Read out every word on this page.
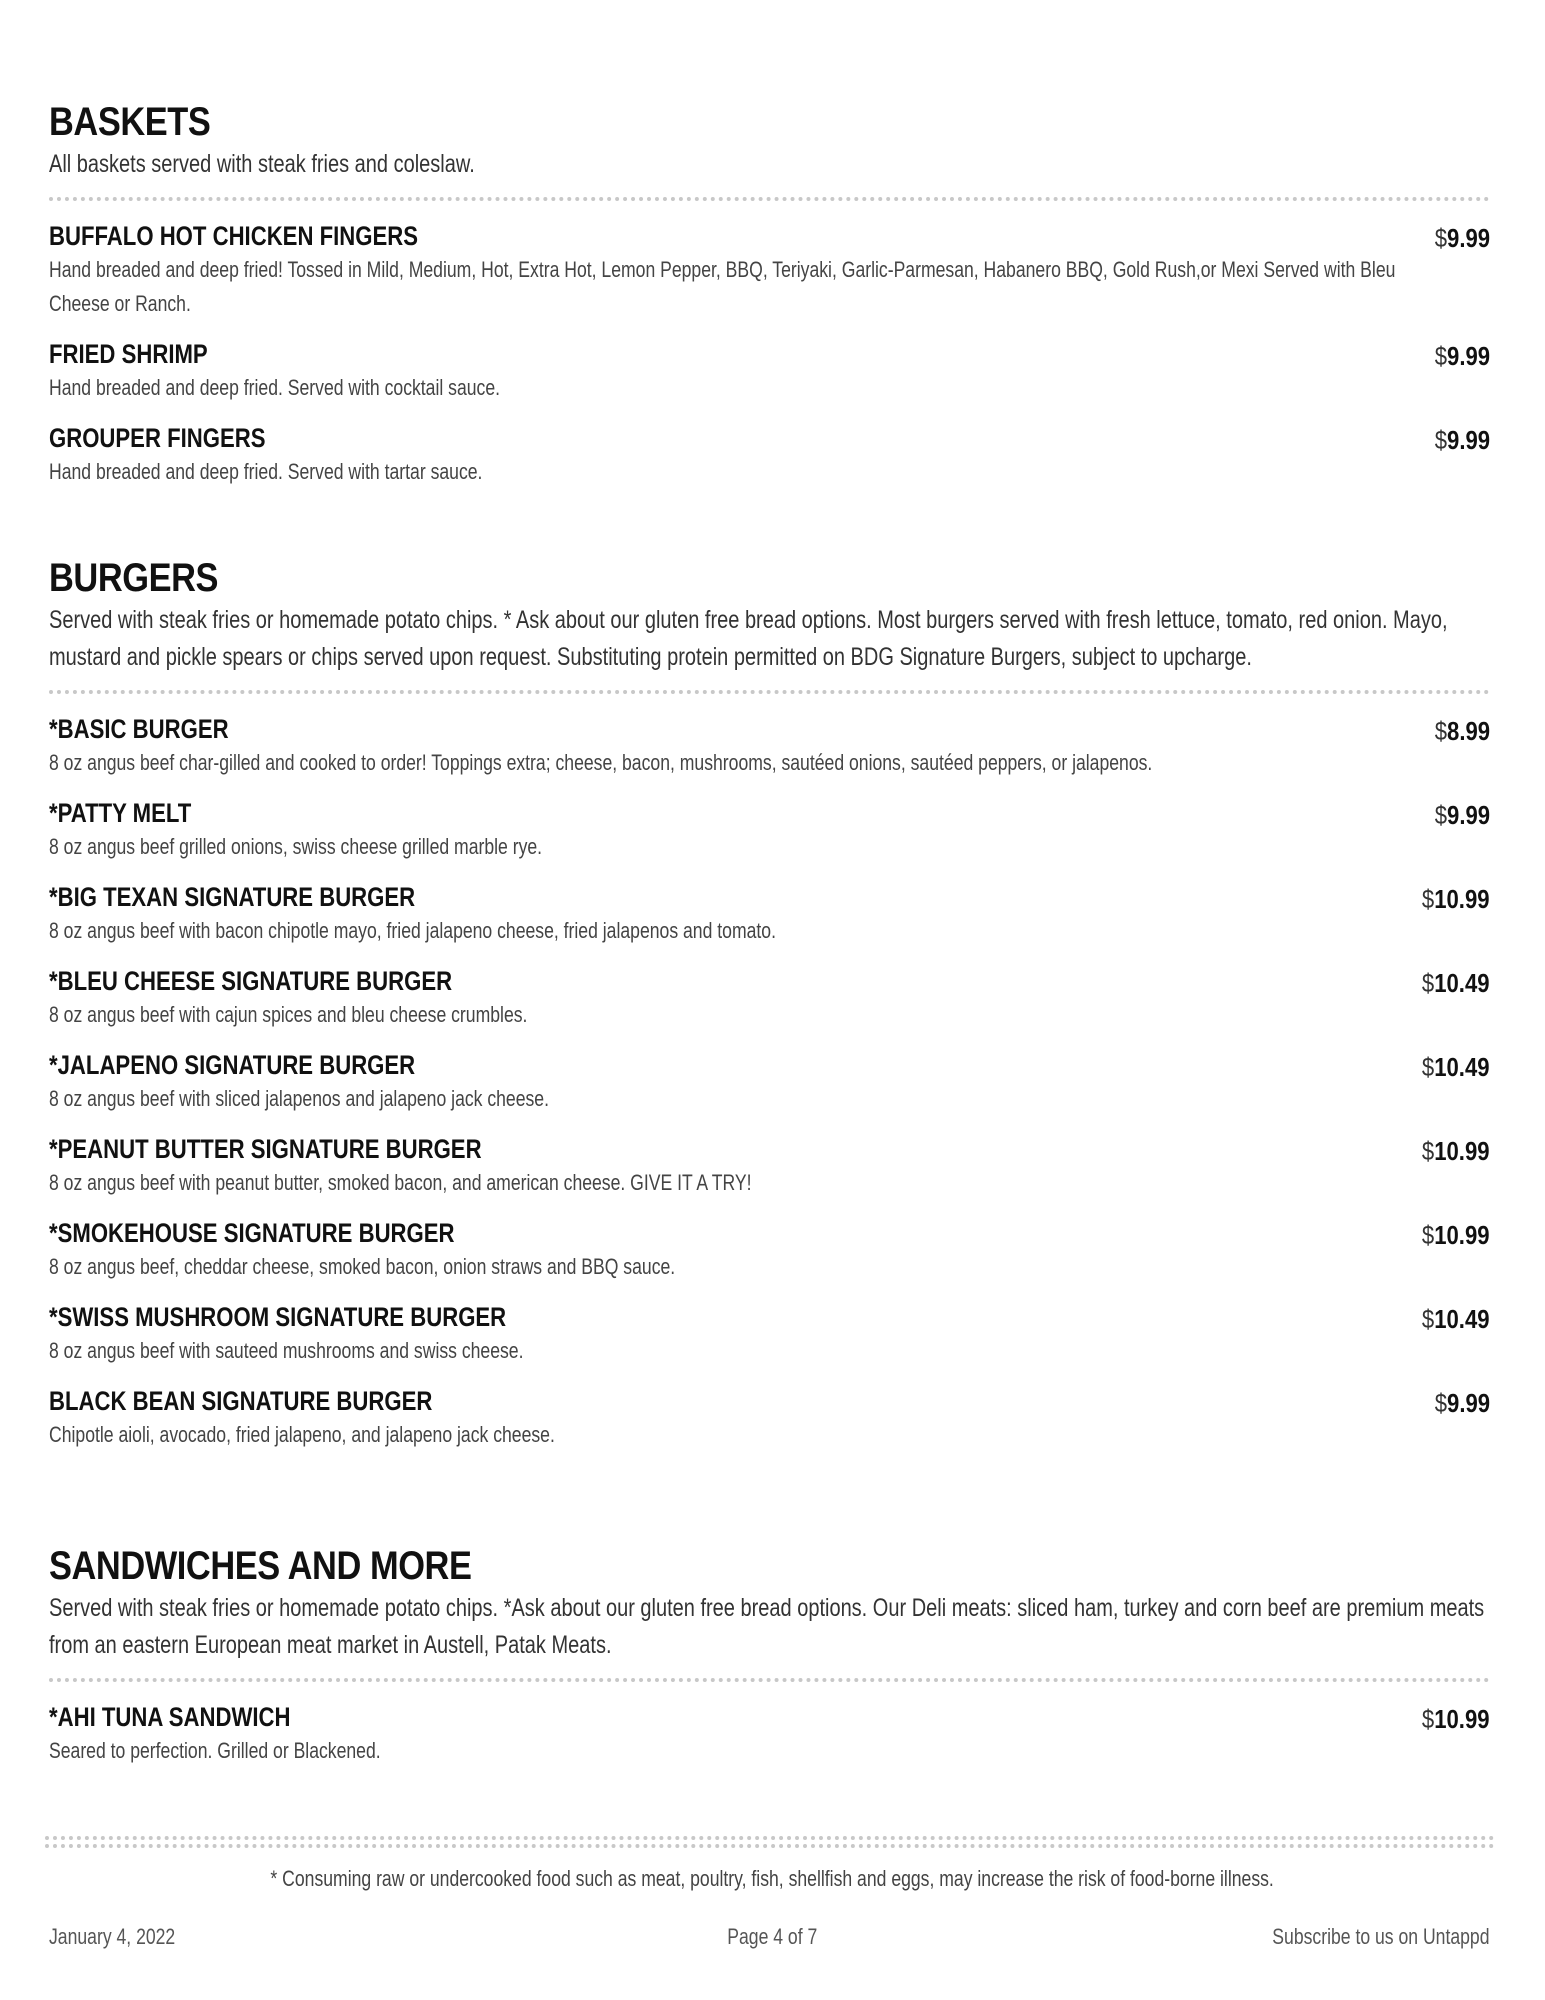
BASKETS
All baskets served with steak fries and coleslaw.
BUFFALO HOT CHICKEN FINGERS
Hand breaded and deep fried! Tossed in Mild, Medium, Hot, Extra Hot, Lemon Pepper, BBQ, Teriyaki, Garlic-Parmesan, Habanero BBQ, Gold Rush,or Mexi Served with Bleu Cheese or Ranch.
$9.99
FRIED SHRIMP
Hand breaded and deep fried. Served with cocktail sauce.
$9.99
GROUPER FINGERS
Hand breaded and deep fried. Served with tartar sauce.
$9.99
BURGERS
Served with steak fries or homemade potato chips. * Ask about our gluten free bread options. Most burgers served with fresh lettuce, tomato, red onion. Mayo, mustard and pickle spears or chips served upon request. Substituting protein permitted on BDG Signature Burgers, subject to upcharge.
*BASIC BURGER
8 oz angus beef char-gilled and cooked to order! Toppings extra; cheese, bacon, mushrooms, sautéed onions, sautéed peppers, or jalapenos.
$8.99
*PATTY MELT
8 oz angus beef grilled onions, swiss cheese grilled marble rye.
$9.99
*BIG TEXAN SIGNATURE BURGER
8 oz angus beef with bacon chipotle mayo, fried jalapeno cheese, fried jalapenos and tomato.
$10.99
*BLEU CHEESE SIGNATURE BURGER
8 oz angus beef with cajun spices and bleu cheese crumbles.
$10.49
*JALAPENO SIGNATURE BURGER
8 oz angus beef with sliced jalapenos and jalapeno jack cheese.
$10.49
*PEANUT BUTTER SIGNATURE BURGER
8 oz angus beef with peanut butter, smoked bacon, and american cheese. GIVE IT A TRY!
$10.99
*SMOKEHOUSE SIGNATURE BURGER
8 oz angus beef, cheddar cheese, smoked bacon, onion straws and BBQ sauce.
$10.99
*SWISS MUSHROOM SIGNATURE BURGER
8 oz angus beef with sauteed mushrooms and swiss cheese.
$10.49
BLACK BEAN SIGNATURE BURGER
Chipotle aioli, avocado, fried jalapeno, and jalapeno jack cheese.
$9.99
SANDWICHES AND MORE
Served with steak fries or homemade potato chips. *Ask about our gluten free bread options. Our Deli meats: sliced ham, turkey and corn beef are premium meats from an eastern European meat market in Austell, Patak Meats.
*AHI TUNA SANDWICH
Seared to perfection. Grilled or Blackened.
$10.99
* Consuming raw or undercooked food such as meat, poultry, fish, shellfish and eggs, may increase the risk of food-borne illness.
January 4, 2022	Page 4 of 7	Subscribe to us on Untappd
